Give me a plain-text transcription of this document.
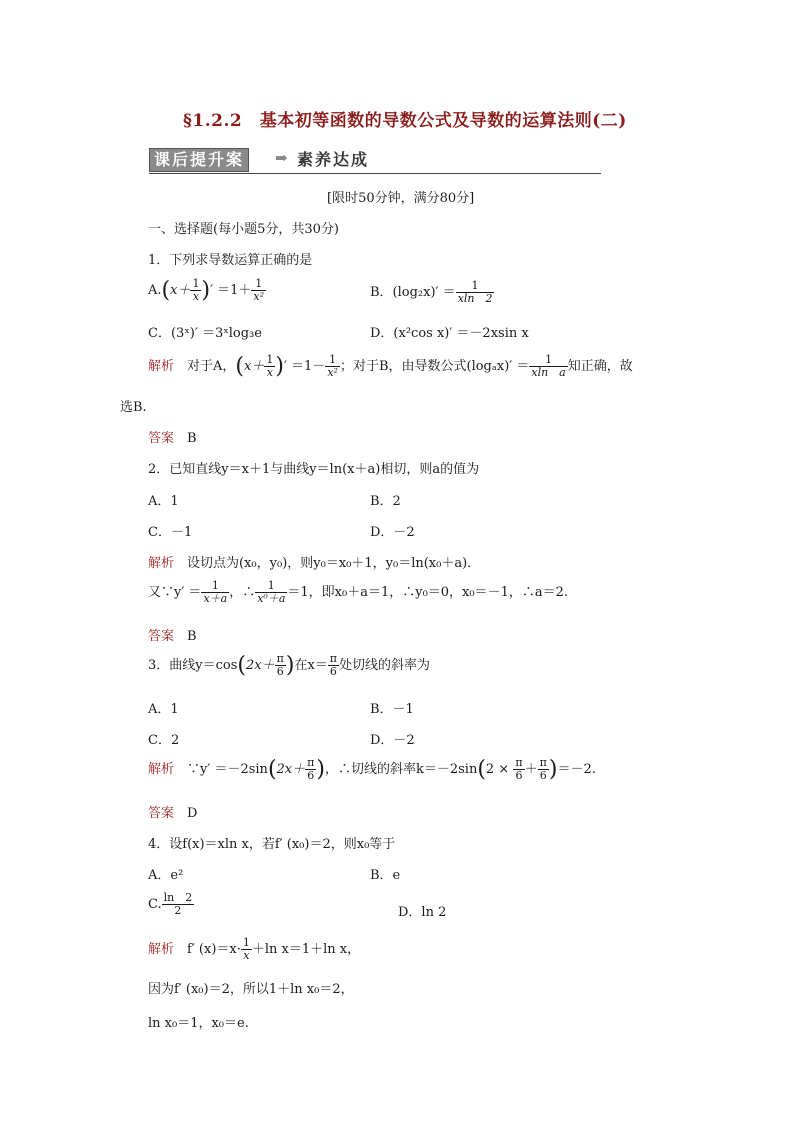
§1.2.2　基本初等函数的导数公式及导数的运算法则(二)
课后提升案	➡ 素养达成
[限时50分钟，满分80分]
一、选择题(每小题5分，共30分)
1．下列求导数运算正确的是
$A.(x+ \frac{1}{x}$ )′ $=1+ \frac{1}{\text{x²}}$	B．$(\log_2x)' = \frac{1}{xln 2}$
C．(3ˣ)′ ＝3ˣlog₃e	D．(x²cos x)′ ＝－2xsin x
解析　 对于A，($x+ \frac{1}{x}$ )′ $=1- \frac{1}{\text{x²}}$ ；对于B，由导数公式$(\log_ax)' = \frac{1}{\text{xln　a}}$ 知正确，故
选B.
答案　 B
2．已知直线y＝x＋1与曲线y＝ln(x＋a)相切，则a的值为
A．1	B．2
C．－1	D．－2
解析　 设切点为(x₀，y₀)，则y₀＝x₀＋1，y₀＝ln(x₀＋a)．
又∵y′ ＝ $\frac{1}{x+a}$ ，∴ $\frac{1}{\text{x⁰＋a}} =1$，即x₀＋a＝1，∴y₀＝0，x₀＝－1，∴a＝2.
答案　 B
3．曲线$y=\cos(2x+ \frac{\pi}{6}$ )在$x= \frac{\pi}{6}$ 处切线的斜率为
A．1	B．－1
C．2	D．－2
解析　 ∵y′ $=-2\sin(2x+ \frac{\pi}{6}$ )，∴切线的斜率$k=-2\sin(2 \times \frac{\pi}{6} + \frac{\pi}{6} )=-2$.
答案　 D
4．设f(x)＝xln x，若f′ (x₀)＝2，则x₀等于
A．e²	B．e
C. $\frac{\ln 2}{2}$	D．ln 2
解析　 f′ $(x)=x\cdot \frac{1}{x} +\ln$ x＝1＋ln x，
因为f′ (x₀)＝2，所以1＋ln x₀＝2，
ln x₀＝1，x₀＝e.
